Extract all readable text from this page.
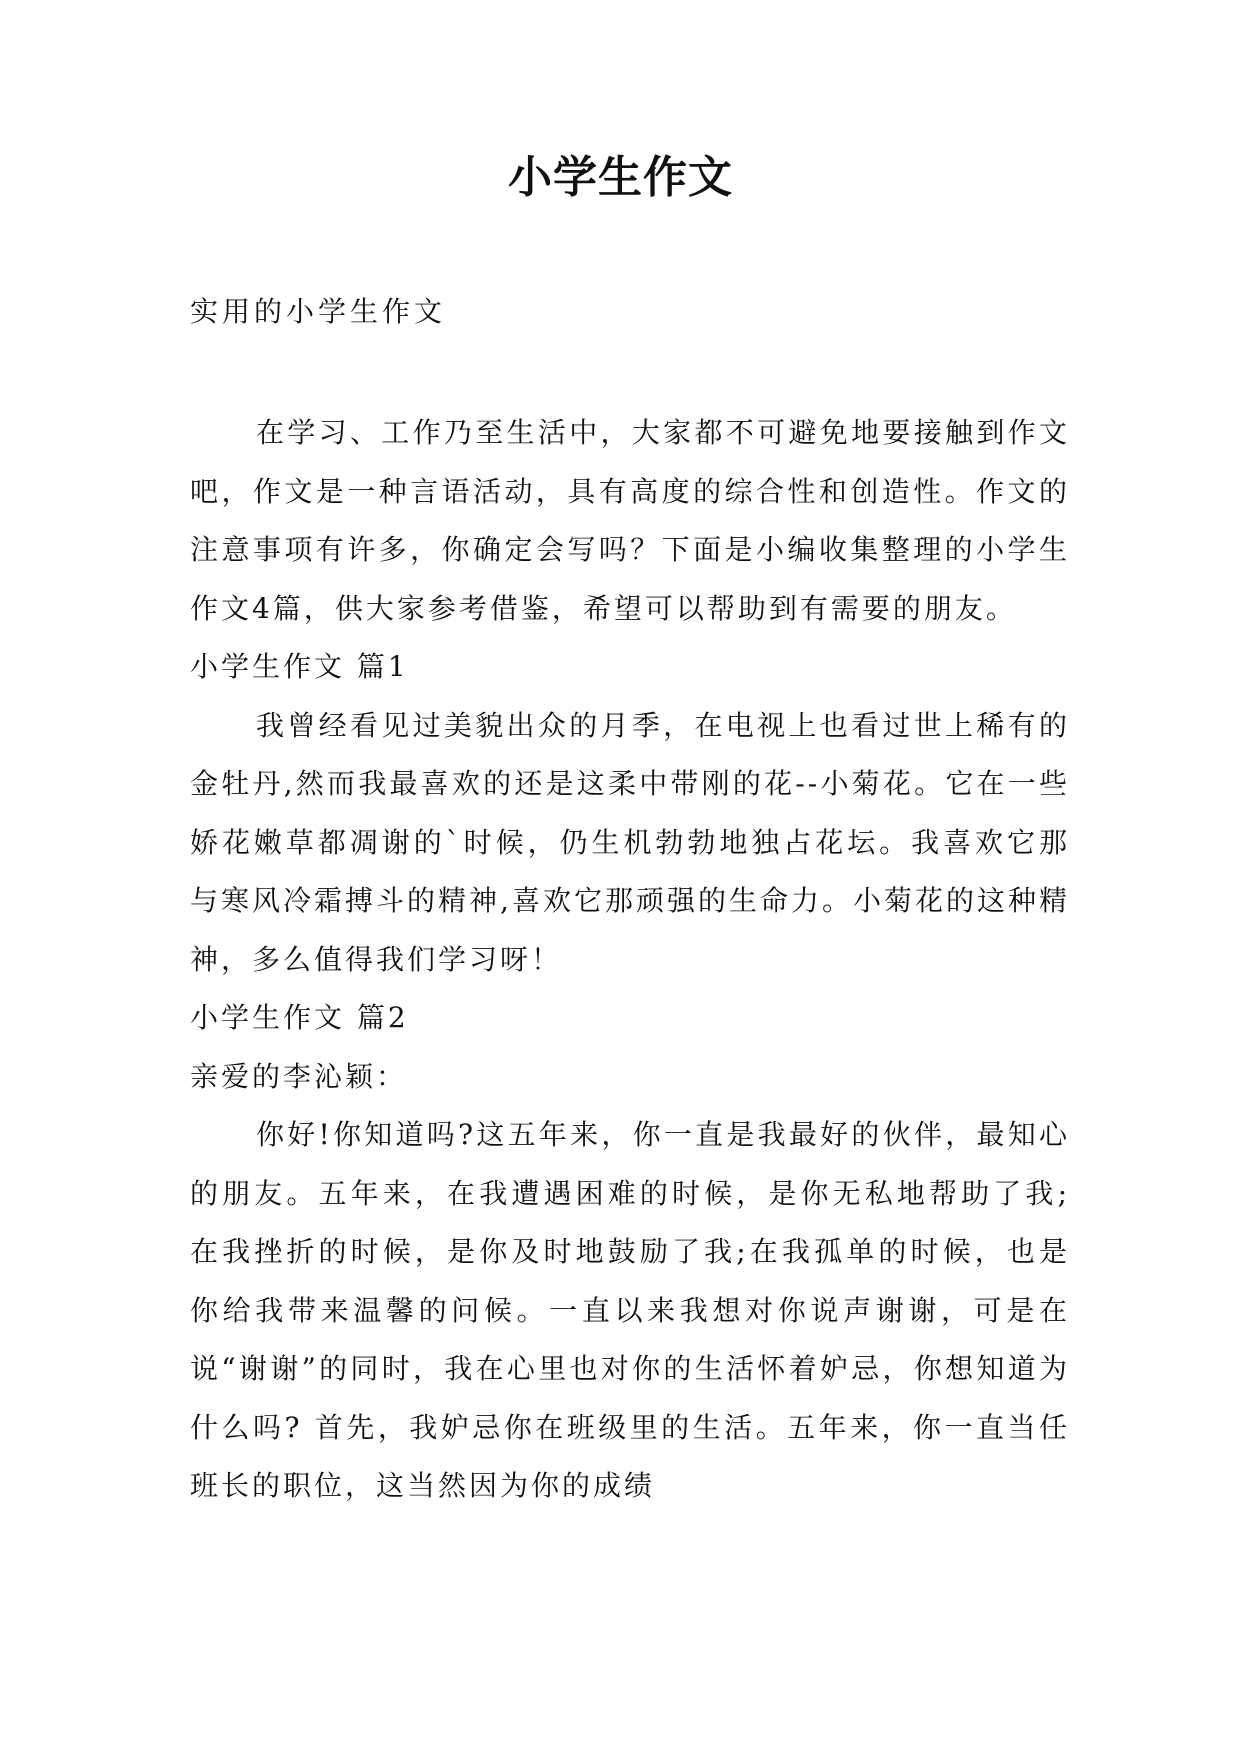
小学生作文

实用的小学生作文

在学习、工作乃至生活中，大家都不可避免地要接触到作文吧，作文是一种言语活动，具有高度的综合性和创造性。作文的注意事项有许多，你确定会写吗？下面是小编收集整理的小学生作文4篇，供大家参考借鉴，希望可以帮助到有需要的朋友。

小学生作文 篇1

我曾经看见过美貌出众的月季，在电视上也看过世上稀有的金牡丹,然而我最喜欢的还是这柔中带刚的花--小菊花。它在一些娇花嫩草都凋谢的`时候，仍生机勃勃地独占花坛。我喜欢它那与寒风冷霜搏斗的精神,喜欢它那顽强的生命力。小菊花的这种精神，多么值得我们学习呀！

小学生作文 篇2

亲爱的李沁颖：

你好!你知道吗?这五年来，你一直是我最好的伙伴，最知心的朋友。五年来，在我遭遇困难的时候，是你无私地帮助了我;在我挫折的时候，是你及时地鼓励了我;在我孤单的时候，也是你给我带来温馨的问候。一直以来我想对你说声谢谢，可是在说“谢谢”的同时，我在心里也对你的生活怀着妒忌，你想知道为什么吗? 首先，我妒忌你在班级里的生活。五年来，你一直当任班长的职位，这当然因为你的成绩
